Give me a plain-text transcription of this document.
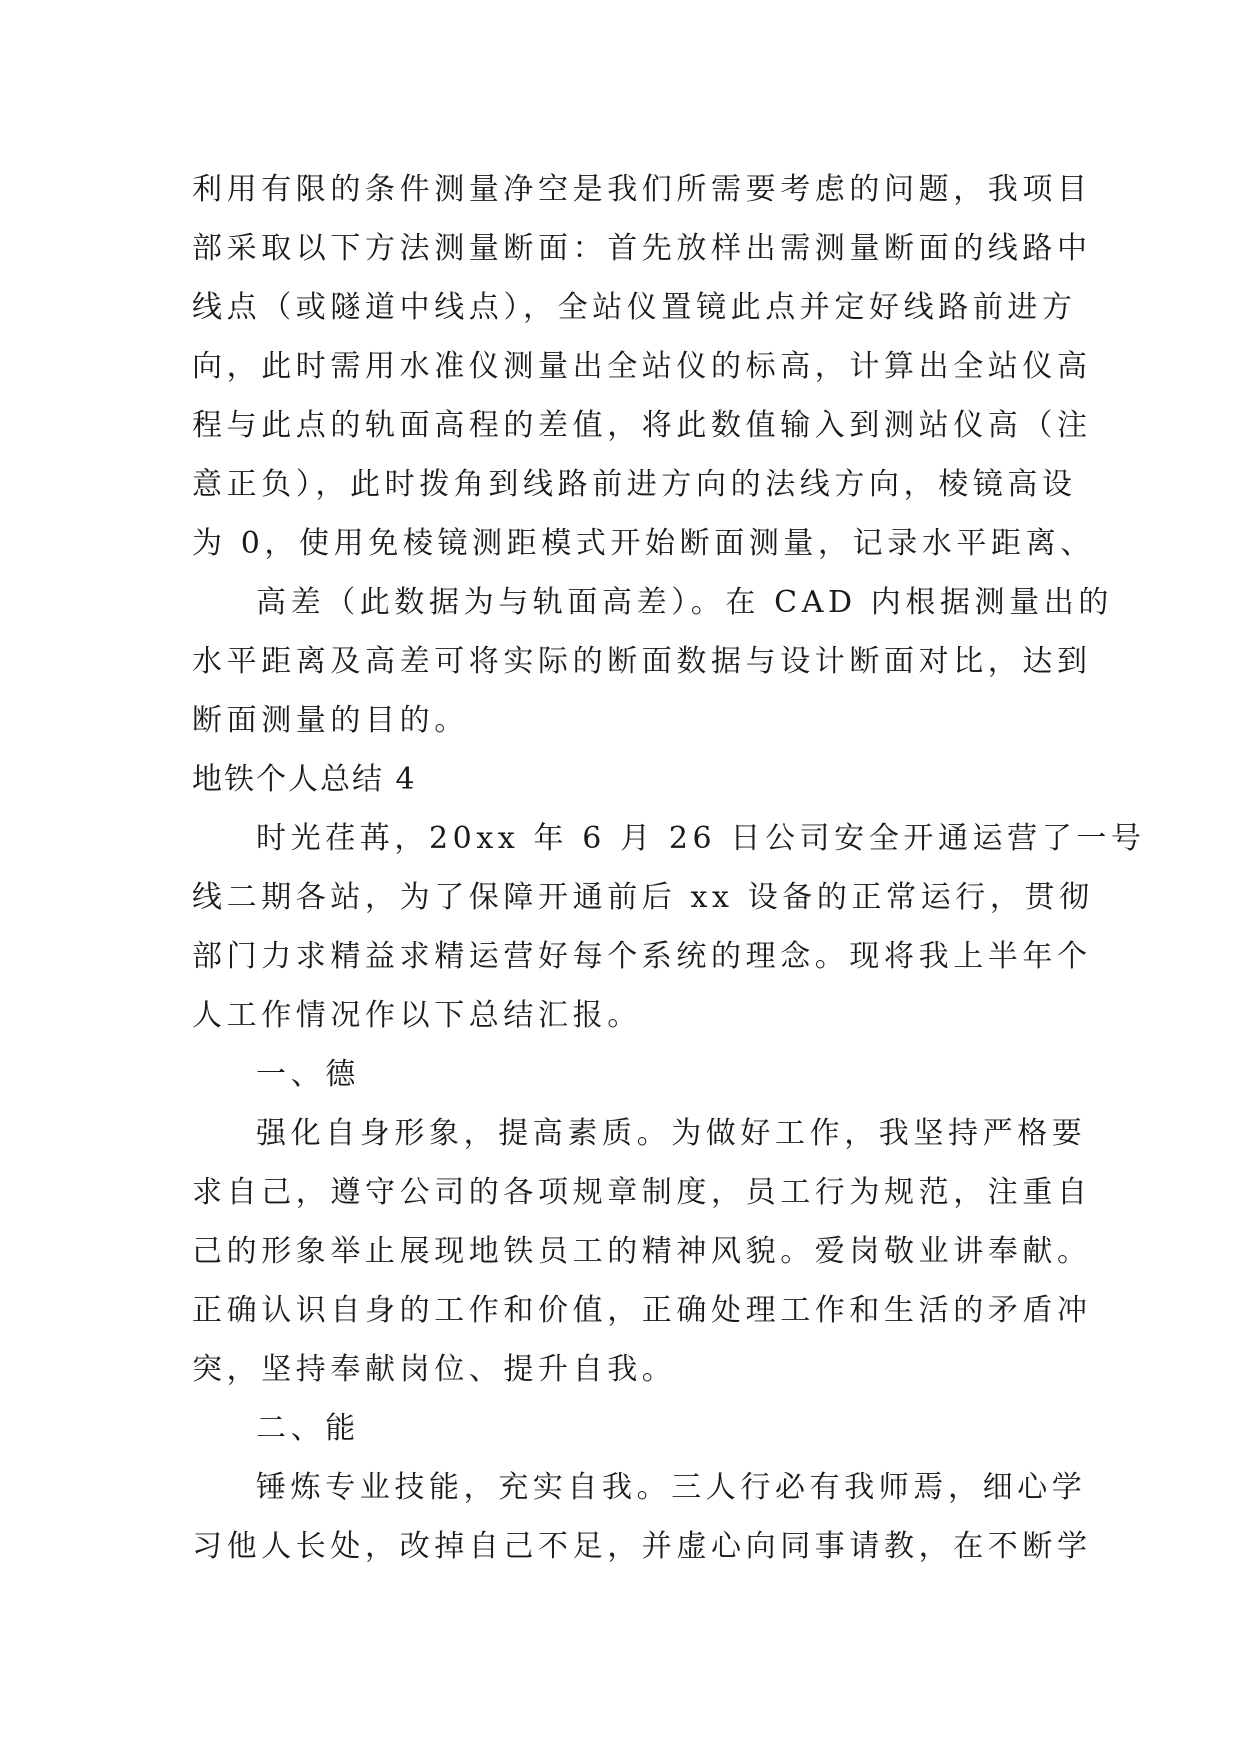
利用有限的条件测量净空是我们所需要考虑的问题，我项目
部采取以下方法测量断面：首先放样出需测量断面的线路中
线点（或隧道中线点），全站仪置镜此点并定好线路前进方
向，此时需用水准仪测量出全站仪的标高，计算出全站仪高
程与此点的轨面高程的差值，将此数值输入到测站仪高（注
意正负），此时拨角到线路前进方向的法线方向，棱镜高设
为 0，使用免棱镜测距模式开始断面测量，记录水平距离、
高差（此数据为与轨面高差）。在 CAD 内根据测量出的
水平距离及高差可将实际的断面数据与设计断面对比，达到
断面测量的目的。
地铁个人总结 4
时光荏苒，20xx 年 6 月 26 日公司安全开通运营了一号
线二期各站，为了保障开通前后 xx 设备的正常运行，贯彻
部门力求精益求精运营好每个系统的理念。现将我上半年个
人工作情况作以下总结汇报。
一、德
强化自身形象，提高素质。为做好工作，我坚持严格要
求自己，遵守公司的各项规章制度，员工行为规范，注重自
己的形象举止展现地铁员工的精神风貌。爱岗敬业讲奉献。
正确认识自身的工作和价值，正确处理工作和生活的矛盾冲
突，坚持奉献岗位、提升自我。
二、能
锤炼专业技能，充实自我。三人行必有我师焉，细心学
习他人长处，改掉自己不足，并虚心向同事请教，在不断学
